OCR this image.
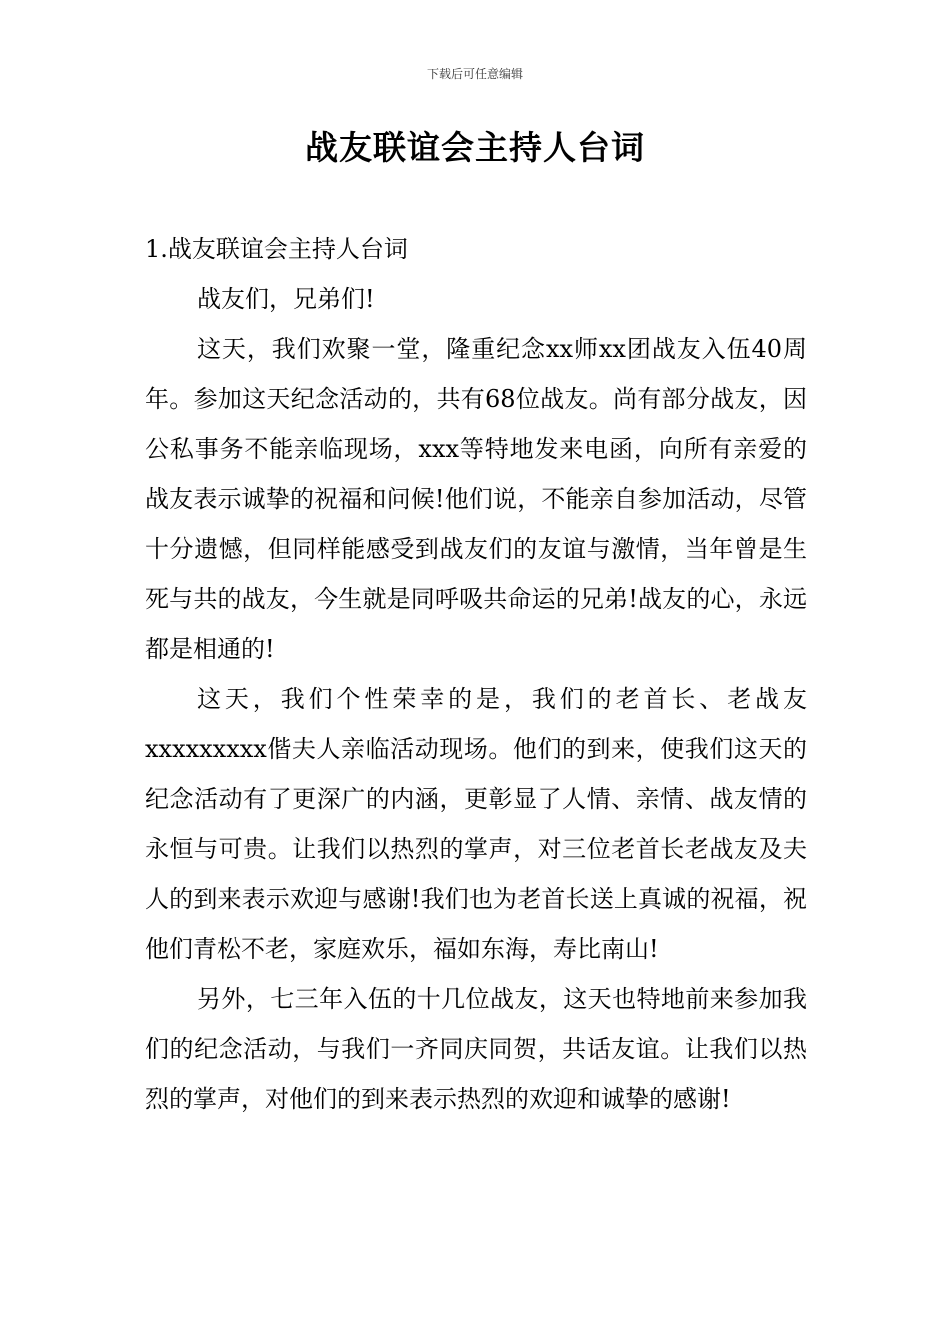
下载后可任意编辑
战友联谊会主持人台词

1.战友联谊会主持人台词

战友们，兄弟们!

这天，我们欢聚一堂，隆重纪念xx师xx团战友入伍40周年。参加这天纪念活动的，共有68位战友。尚有部分战友，因公私事务不能亲临现场，xxx等特地发来电函，向所有亲爱的战友表示诚挚的祝福和问候!他们说，不能亲自参加活动，尽管十分遗憾，但同样能感受到战友们的友谊与激情，当年曾是生死与共的战友，今生就是同呼吸共命运的兄弟!战友的心，永远都是相通的!

这天，我们个性荣幸的是，我们的老首长、老战友xxxxxxxxx偕夫人亲临活动现场。他们的到来，使我们这天的纪念活动有了更深广的内涵，更彰显了人情、亲情、战友情的永恒与可贵。让我们以热烈的掌声，对三位老首长老战友及夫人的到来表示欢迎与感谢!我们也为老首长送上真诚的祝福，祝他们青松不老，家庭欢乐，福如东海，寿比南山!

另外，七三年入伍的十几位战友，这天也特地前来参加我们的纪念活动，与我们一齐同庆同贺，共话友谊。让我们以热烈的掌声，对他们的到来表示热烈的欢迎和诚挚的感谢!
